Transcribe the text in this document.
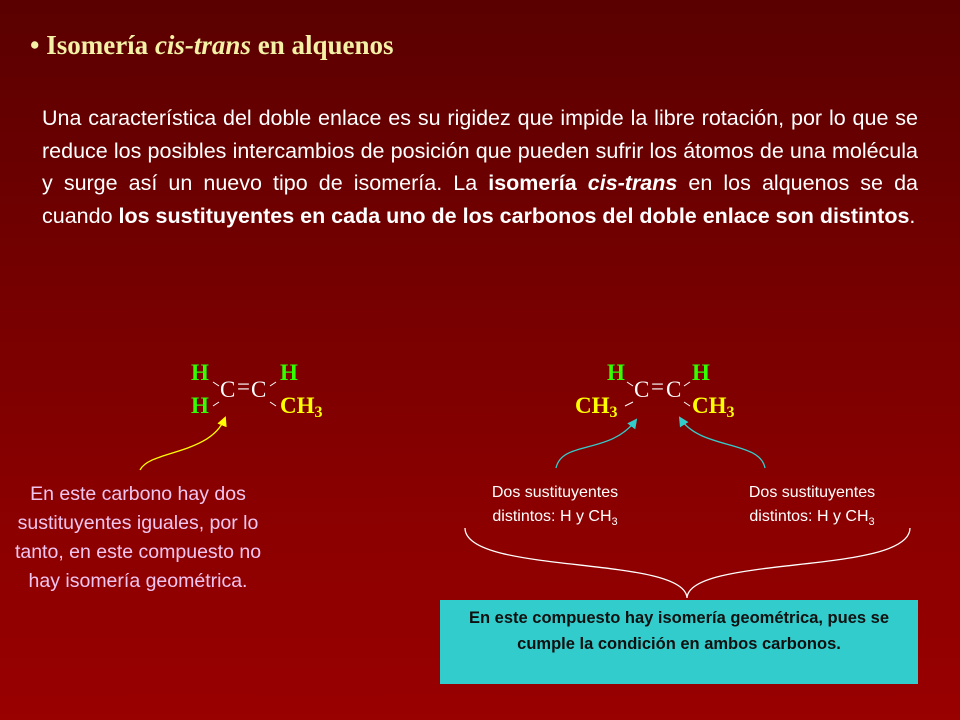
• Isomería cis-trans en alquenos
Una característica del doble enlace es su rigidez que impide la libre rotación, por lo que se reduce los posibles intercambios de posición que pueden sufrir los átomos de una molécula y surge así un nuevo tipo de isomería. La isomería cis-trans en los alquenos se da cuando los sustituyentes en cada uno de los carbonos del doble enlace son distintos.
H
H
H
CH3
C = C
H
CH3
H
CH3
C = C
En este carbono hay dos sustituyentes iguales, por lo tanto, en este compuesto no hay isomería geométrica.
Dos sustituyentes
distintos: H y $CH_3$
Dos sustituyentes
distintos: H y $CH_3$
En este compuesto hay isomería geométrica, pues se cumple la condición en ambos carbonos.
